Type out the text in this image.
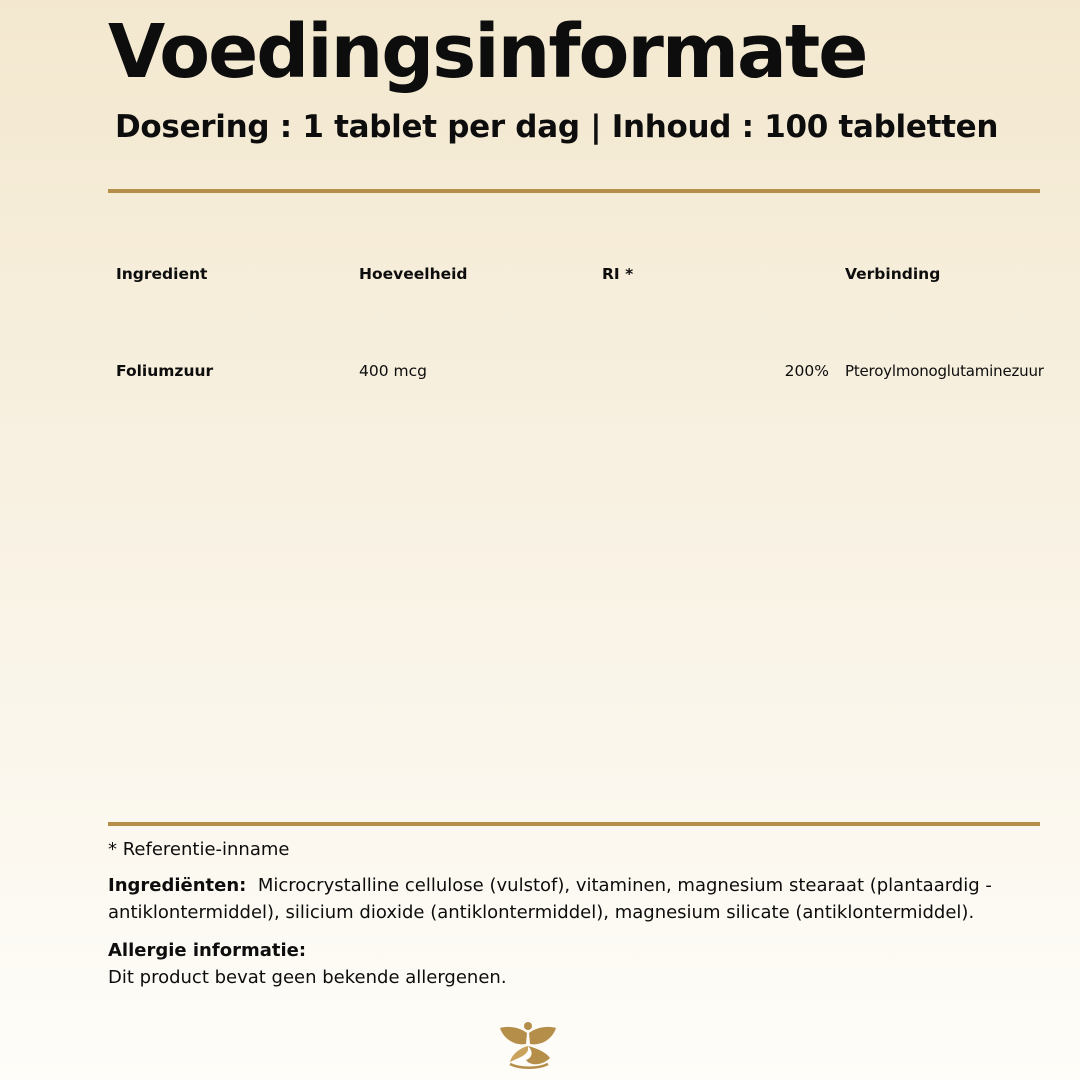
Voedingsinformate
Dosering : 1 tablet per dag | Inhoud : 100 tabletten
Ingredient	Hoeveelheid	RI *	Verbinding
Foliumzuur	400 mcg	200% Pteroylmonoglutaminezuur
* Referentie-inname
Ingrediënten: Microcrystalline cellulose (vulstof), vitaminen, magnesium stearaat (plantaardig - antiklontermiddel), silicium dioxide (antiklontermiddel), magnesium silicate (antiklontermiddel).
Allergie informatie:
Dit product bevat geen bekende allergenen.
